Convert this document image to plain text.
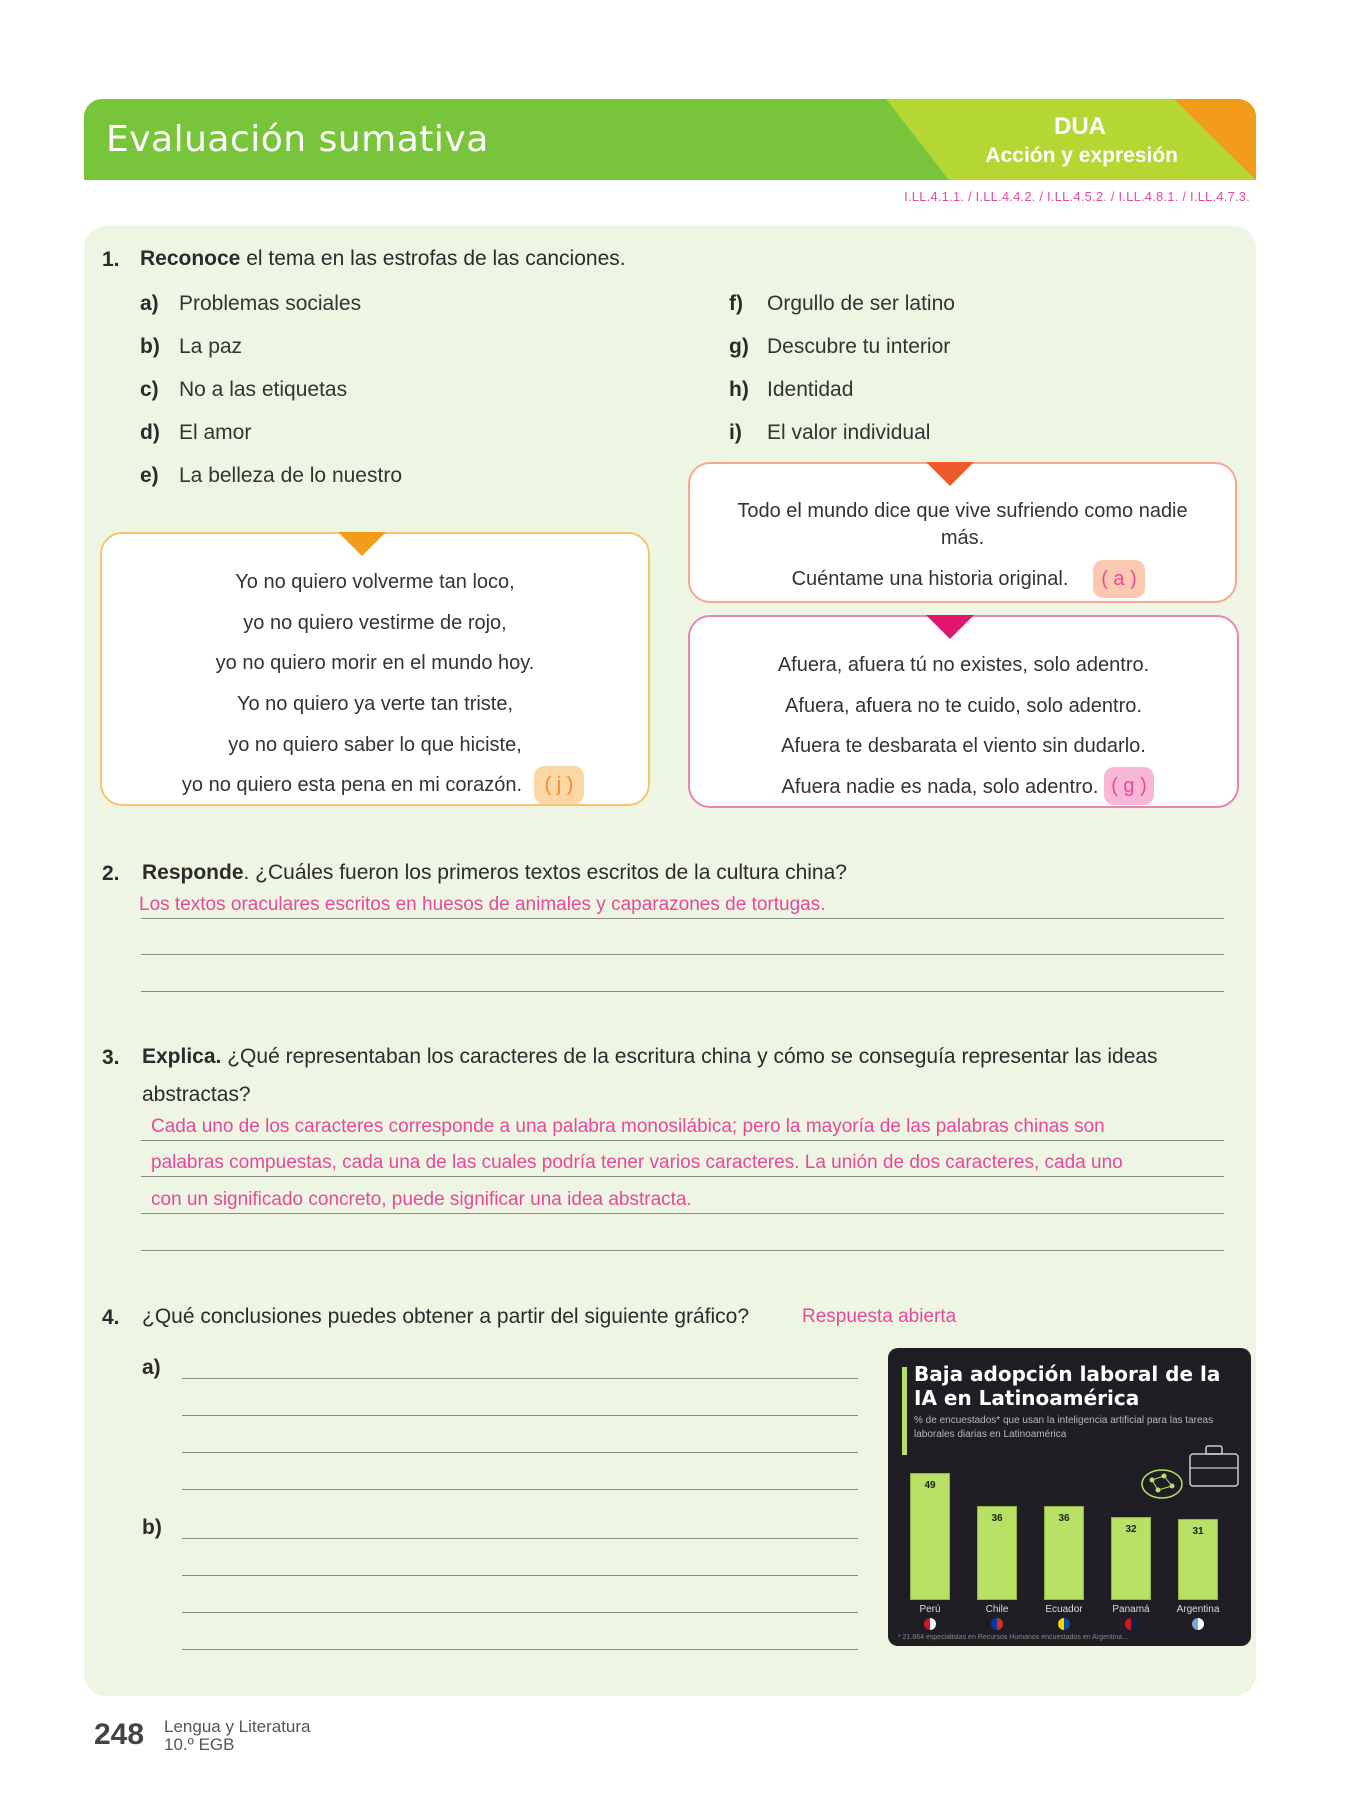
Evaluación sumativa	DUA
Acción y expresión
I.LL.4.1.1. / I.LL.4.4.2. / I.LL.4.5.2. / I.LL.4.8.1. / I.LL.4.7.3.
1. Reconoce el tema en las estrofas de las canciones.
a) Problemas sociales
b) La paz
c) No a las etiquetas
d) El amor
e) La belleza de lo nuestro
f) Orgullo de ser latino
g) Descubre tu interior
h) Identidad
i) El valor individual
Yo no quiero volverme tan loco,
yo no quiero vestirme de rojo,
yo no quiero morir en el mundo hoy.
Yo no quiero ya verte tan triste,
yo no quiero saber lo que hiciste,
yo no quiero esta pena en mi corazón.	( j )
Todo el mundo dice que vive sufriendo como nadie
más.
Cuéntame una historia original.	( a )
Afuera, afuera tú no existes, solo adentro.
Afuera, afuera no te cuido, solo adentro.
Afuera te desbarata el viento sin dudarlo.
Afuera nadie es nada, solo adentro. ( g )
2. Responde. ¿Cuáles fueron los primeros textos escritos de la cultura china?
Los textos oraculares escritos en huesos de animales y caparazones de tortugas.
3. Explica. ¿Qué representaban los caracteres de la escritura china y cómo se conseguía representar las ideas
abstractas?
Cada uno de los caracteres corresponde a una palabra monosilábica; pero la mayoría de las palabras chinas son
palabras compuestas, cada una de las cuales podría tener varios caracteres. La unión de dos caracteres, cada uno
con un significado concreto, puede significar una idea abstracta.
4. ¿Qué conclusiones puedes obtener a partir del siguiente gráfico?	Respuesta abierta
a)
b)
Baja adopción laboral de la IA en Latinoamérica
% de encuestados* que usan la inteligencia artificial para las tareas laborales diarias en Latinoamérica
49
Perú
36
Chile
36
Ecuador
32
Panamá
31
Argentina
* 21.864 especialistas en Recursos Humanos encuestados en Argentina...
248 Lengua y Literatura
10.º EGB
